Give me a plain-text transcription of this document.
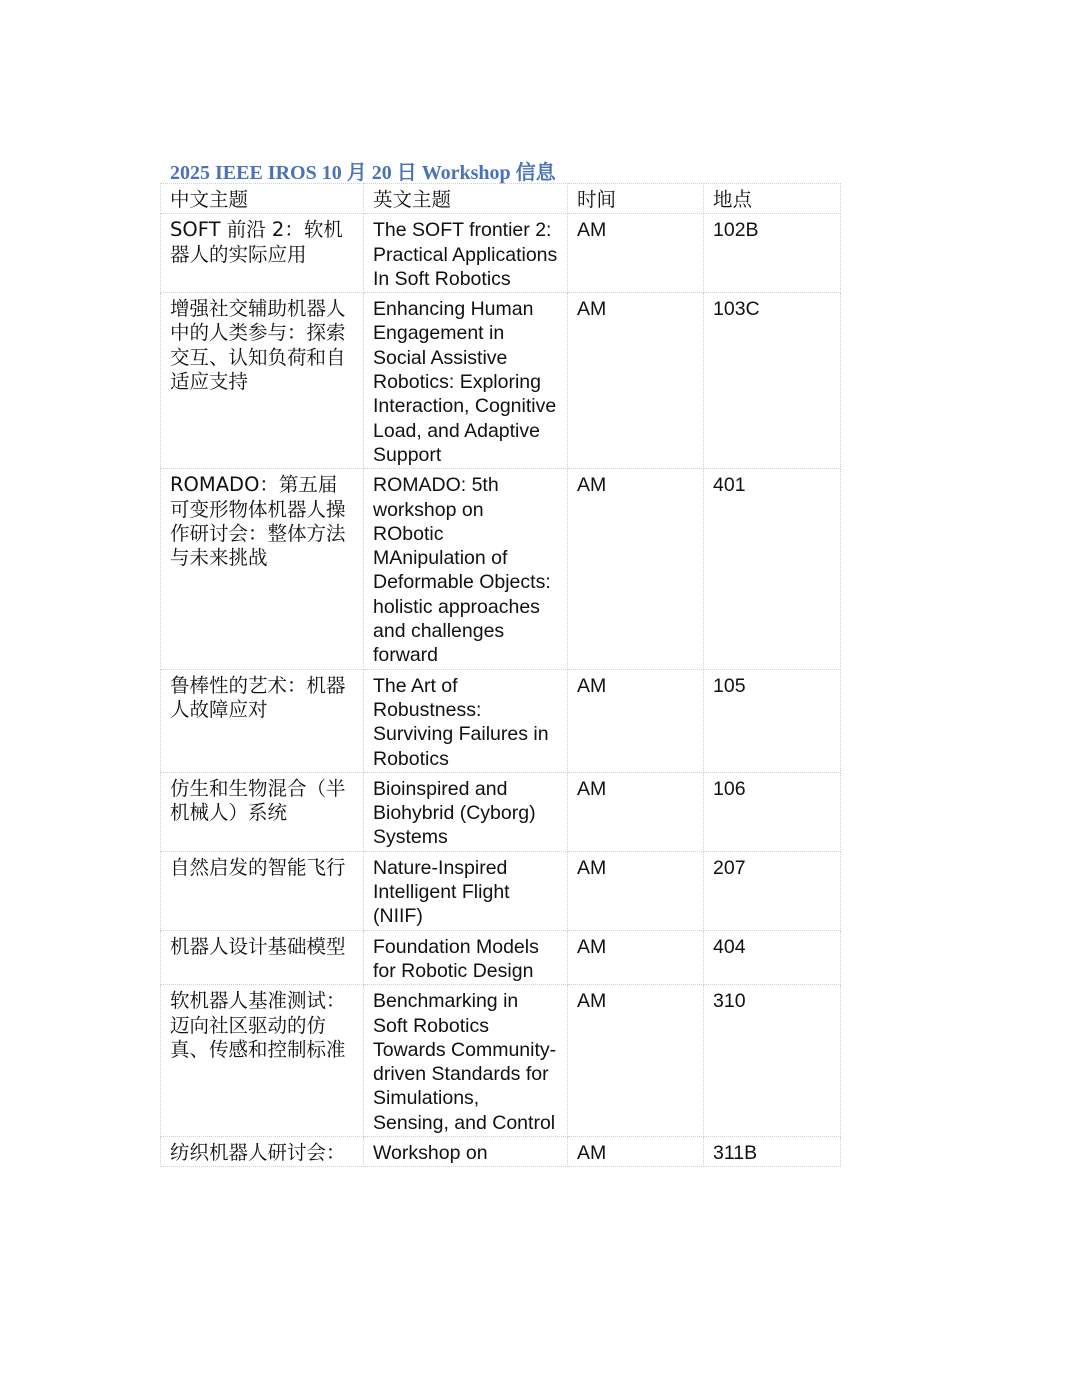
2025 IEEE IROS 10 月 20 日 Workshop 信息
中文主题	英文主题	时间	地点
SOFT 前沿 2：软机器人的实际应用	The SOFT frontier 2: Practical Applications In Soft Robotics	AM	102B
增强社交辅助机器人中的人类参与：探索交互、认知负荷和自适应支持	Enhancing Human Engagement in Social Assistive Robotics: Exploring Interaction, Cognitive Load, and Adaptive Support	AM	103C
ROMADO：第五届可变形物体机器人操作研讨会：整体方法与未来挑战	ROMADO: 5th workshop on RObotic MAnipulation of Deformable Objects: holistic approaches and challenges forward	AM	401
鲁棒性的艺术：机器人故障应对	The Art of Robustness: Surviving Failures in Robotics	AM	105
仿生和生物混合（半机械人）系统	Bioinspired and Biohybrid (Cyborg) Systems	AM	106
自然启发的智能飞行	Nature-Inspired Intelligent Flight (NIIF)	AM	207
机器人设计基础模型	Foundation Models for Robotic Design	AM	404
软机器人基准测试：迈向社区驱动的仿真、传感和控制标准	Benchmarking in Soft Robotics Towards Community-driven Standards for Simulations, Sensing, and Control	AM	310
纺织机器人研讨会：	Workshop on	AM	311B
